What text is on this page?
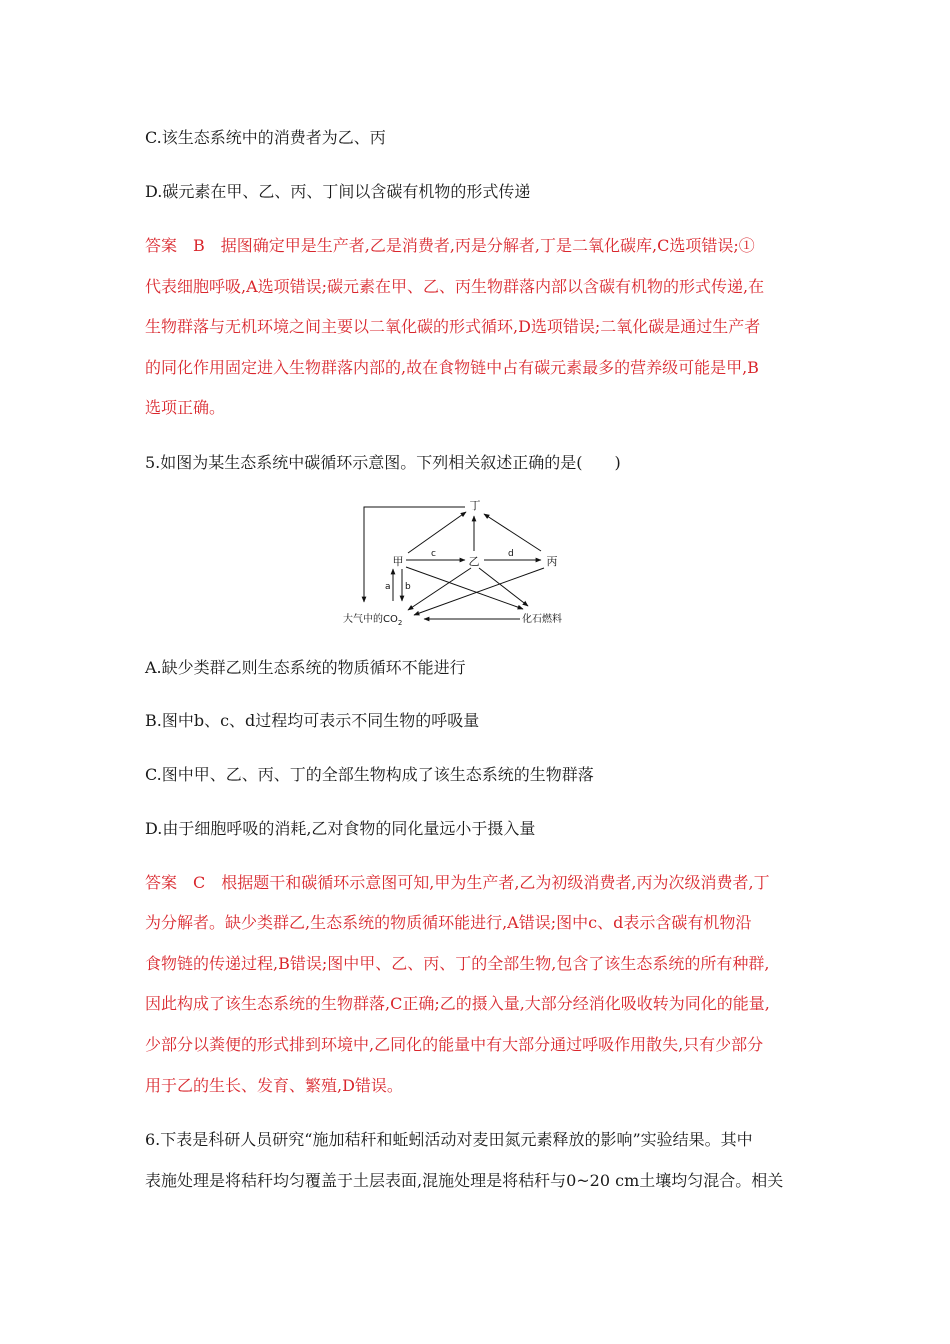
C.该生态系统中的消费者为乙、丙
D.碳元素在甲、乙、丙、丁间以含碳有机物的形式传递
答案　B　据图确定甲是生产者,乙是消费者,丙是分解者,丁是二氧化碳库,C选项错误;①
代表细胞呼吸,A选项错误;碳元素在甲、乙、丙生物群落内部以含碳有机物的形式传递,在
生物群落与无机环境之间主要以二氧化碳的形式循环,D选项错误;二氧化碳是通过生产者
的同化作用固定进入生物群落内部的,故在食物链中占有碳元素最多的营养级可能是甲,B
选项正确。
5.如图为某生态系统中碳循环示意图。下列相关叙述正确的是(　　)
丁
甲	乙	丙
c	d
a b
大气中的$CO_2$	化石燃料
A.缺少类群乙则生态系统的物质循环不能进行
B.图中b、c、d过程均可表示不同生物的呼吸量
C.图中甲、乙、丙、丁的全部生物构成了该生态系统的生物群落
D.由于细胞呼吸的消耗,乙对食物的同化量远小于摄入量
答案　C　根据题干和碳循环示意图可知,甲为生产者,乙为初级消费者,丙为次级消费者,丁
为分解者。缺少类群乙,生态系统的物质循环能进行,A错误;图中c、d表示含碳有机物沿
食物链的传递过程,B错误;图中甲、乙、丙、丁的全部生物,包含了该生态系统的所有种群,
因此构成了该生态系统的生物群落,C正确;乙的摄入量,大部分经消化吸收转为同化的能量,
少部分以粪便的形式排到环境中,乙同化的能量中有大部分通过呼吸作用散失,只有少部分
用于乙的生长、发育、繁殖,D错误。
6.下表是科研人员研究“施加秸秆和蚯蚓活动对麦田氮元素释放的影响”实验结果。其中
表施处理是将秸秆均匀覆盖于土层表面,混施处理是将秸秆与0~20 cm土壤均匀混合。相关
